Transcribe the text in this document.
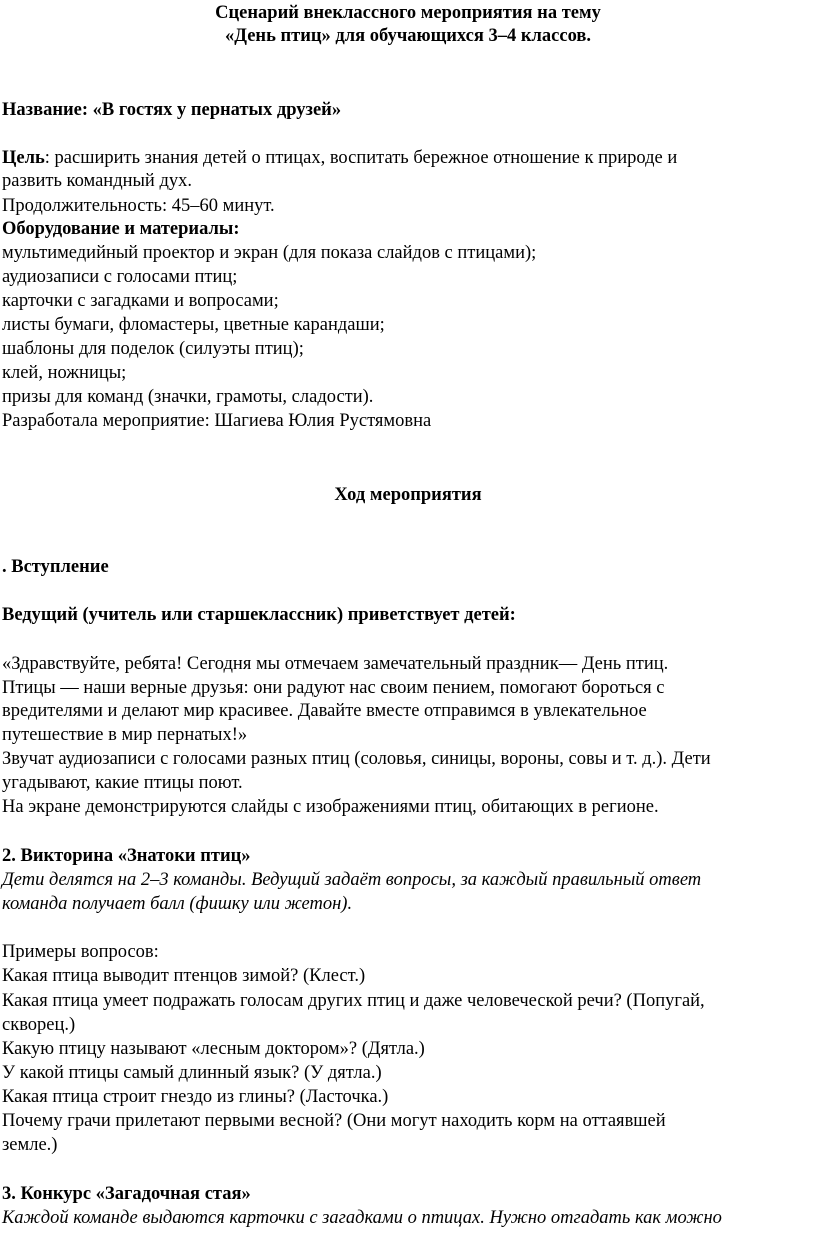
Сценарий внеклассного мероприятия на тему

«День птиц» для обучающихся 3–4 классов.

Название: «В гостях у пернатых друзей»

Цель: расширить знания детей о птицах, воспитать бережное отношение к природе и

развить командный дух.

Продолжительность: 45–60 минут.

Оборудование и материалы:

мультимедийный проектор и экран (для показа слайдов с птицами);

аудиозаписи с голосами птиц;

карточки с загадками и вопросами;

листы бумаги, фломастеры, цветные карандаши;

шаблоны для поделок (силуэты птиц);

клей, ножницы;

призы для команд (значки, грамоты, сладости).

Разработала мероприятие: Шагиева Юлия Рустямовна

Ход мероприятия

. Вступление

Ведущий (учитель или старшеклассник) приветствует детей:

«Здравствуйте, ребята! Сегодня мы отмечаем замечательный праздник— День птиц.

Птицы — наши верные друзья: они радуют нас своим пением, помогают бороться с

вредителями и делают мир красивее. Давайте вместе отправимся в увлекательное

путешествие в мир пернатых!»

Звучат аудиозаписи с голосами разных птиц (соловья, синицы, вороны, совы и т. д.). Дети

угадывают, какие птицы поют.

На экране демонстрируются слайды с изображениями птиц, обитающих в регионе.

2. Викторина «Знатоки птиц»

Дети делятся на 2–3 команды. Ведущий задаёт вопросы, за каждый правильный ответ

команда получает балл (фишку или жетон).

Примеры вопросов:

Какая птица выводит птенцов зимой? (Клест.)

Какая птица умеет подражать голосам других птиц и даже человеческой речи? (Попугай,

скворец.)

Какую птицу называют «лесным доктором»? (Дятла.)

У какой птицы самый длинный язык? (У дятла.)

Какая птица строит гнездо из глины? (Ласточка.)

Почему грачи прилетают первыми весной? (Они могут находить корм на оттаявшей

земле.)

3. Конкурс «Загадочная стая»

Каждой команде выдаются карточки с загадками о птицах. Нужно отгадать как можно
